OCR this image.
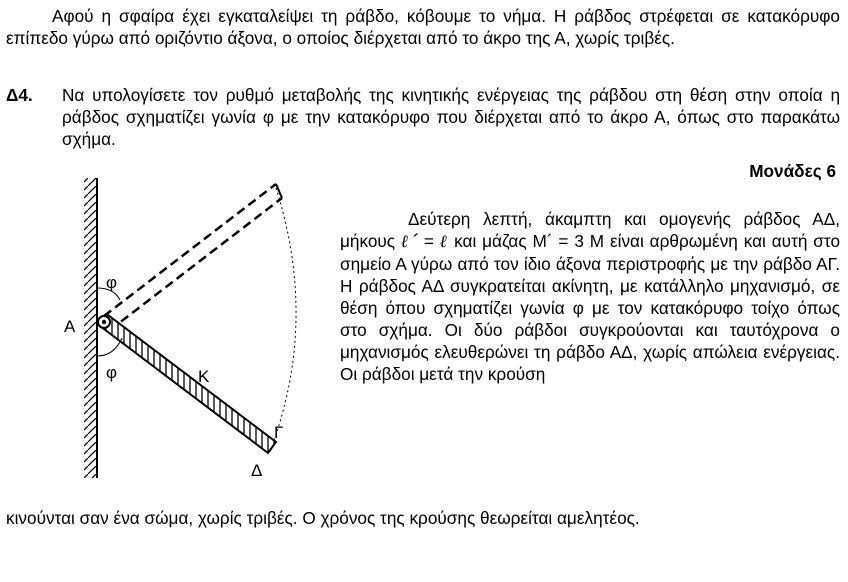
Αφού η σφαίρα έχει εγκαταλείψει τη ράβδο, κόβουμε το νήμα. Η ράβδος στρέφεται σε κατακόρυφο επίπεδο γύρω από οριζόντιο άξονα, ο οποίος διέρχεται από το άκρο της Α, χωρίς τριβές.
Δ4. Να υπολογίσετε τον ρυθμό μεταβολής της κινητικής ενέργειας της ράβδου στη θέση στην οποία η ράβδος σχηματίζει γωνία φ με την κατακόρυφο που διέρχεται από το άκρο Α, όπως στο παρακάτω σχήμα.
Μονάδες 6
φ
φ
Α
Κ
Γ
Δ
Δεύτερη λεπτή, άκαμπτη και ομογενής ράβδος ΑΔ, μήκους ℓ´ = ℓ και μάζας Μ´ = 3 Μ είναι αρθρωμένη και αυτή στο σημείο Α γύρω από τον ίδιο άξονα περιστροφής με την ράβδο ΑΓ. Η ράβδος ΑΔ συγκρατείται ακίνητη, με κατάλληλο μηχανισμό, σε θέση όπου σχηματίζει γωνία φ με τον κατακόρυφο τοίχο όπως στο σχήμα. Οι δύο ράβδοι συγκρούονται και ταυτόχρονα ο μηχανισμός ελευθερώνει τη ράβδο ΑΔ, χωρίς απώλεια ενέργειας. Οι ράβδοι μετά την κρούση
κινούνται σαν ένα σώμα, χωρίς τριβές. Ο χρόνος της κρούσης θεωρείται αμελητέος.
